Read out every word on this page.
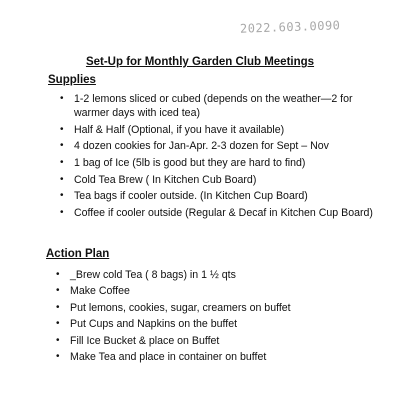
2022.603.0090
Set-Up for Monthly Garden Club Meetings
Supplies
• 1-2 lemons sliced or cubed (depends on the weather—2 for warmer days with iced tea)
• Half & Half (Optional, if you have it available)
• 4 dozen cookies for Jan-Apr. 2-3 dozen for Sept – Nov
• 1 bag of Ice (5lb is good but they are hard to find)
• Cold Tea Brew ( In Kitchen Cub Board)
• Tea bags if cooler outside. (In Kitchen Cup Board)
• Coffee if cooler outside (Regular & Decaf in Kitchen Cup Board)
Action Plan
• _Brew cold Tea ( 8 bags) in 1 ½ qts
• Make Coffee
• Put lemons, cookies, sugar, creamers on buffet
• Put Cups and Napkins on the buffet
• Fill Ice Bucket & place on Buffet
• Make Tea and place in container on buffet
